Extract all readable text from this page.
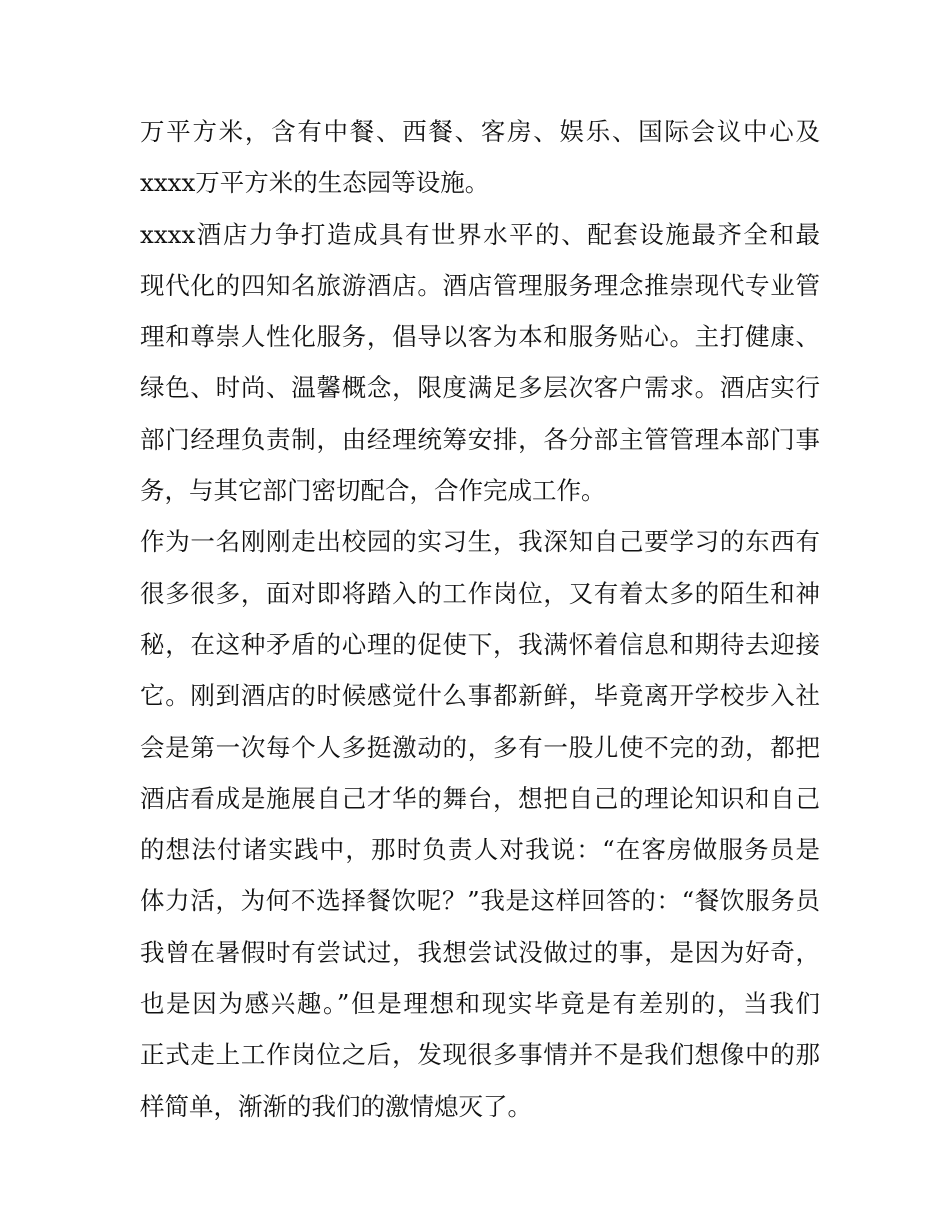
万平方米，含有中餐、西餐、客房、娱乐、国际会议中心及
xxxx万平方米的生态园等设施。
xxxx酒店力争打造成具有世界水平的、配套设施最齐全和最
现代化的四知名旅游酒店。酒店管理服务理念推崇现代专业管
理和尊崇人性化服务，倡导以客为本和服务贴心。主打健康、
绿色、时尚、温馨概念，限度满足多层次客户需求。酒店实行
部门经理负责制，由经理统筹安排，各分部主管管理本部门事
务，与其它部门密切配合，合作完成工作。
作为一名刚刚走出校园的实习生，我深知自己要学习的东西有
很多很多，面对即将踏入的工作岗位，又有着太多的陌生和神
秘，在这种矛盾的心理的促使下，我满怀着信息和期待去迎接
它。刚到酒店的时候感觉什么事都新鲜，毕竟离开学校步入社
会是第一次每个人多挺激动的，多有一股儿使不完的劲，都把
酒店看成是施展自己才华的舞台，想把自己的理论知识和自己
的想法付诸实践中，那时负责人对我说：“在客房做服务员是
体力活，为何不选择餐饮呢？”我是这样回答的：“餐饮服务员
我曾在暑假时有尝试过，我想尝试没做过的事，是因为好奇，
也是因为感兴趣。”但是理想和现实毕竟是有差别的，当我们
正式走上工作岗位之后，发现很多事情并不是我们想像中的那
样简单，渐渐的我们的激情熄灭了。
